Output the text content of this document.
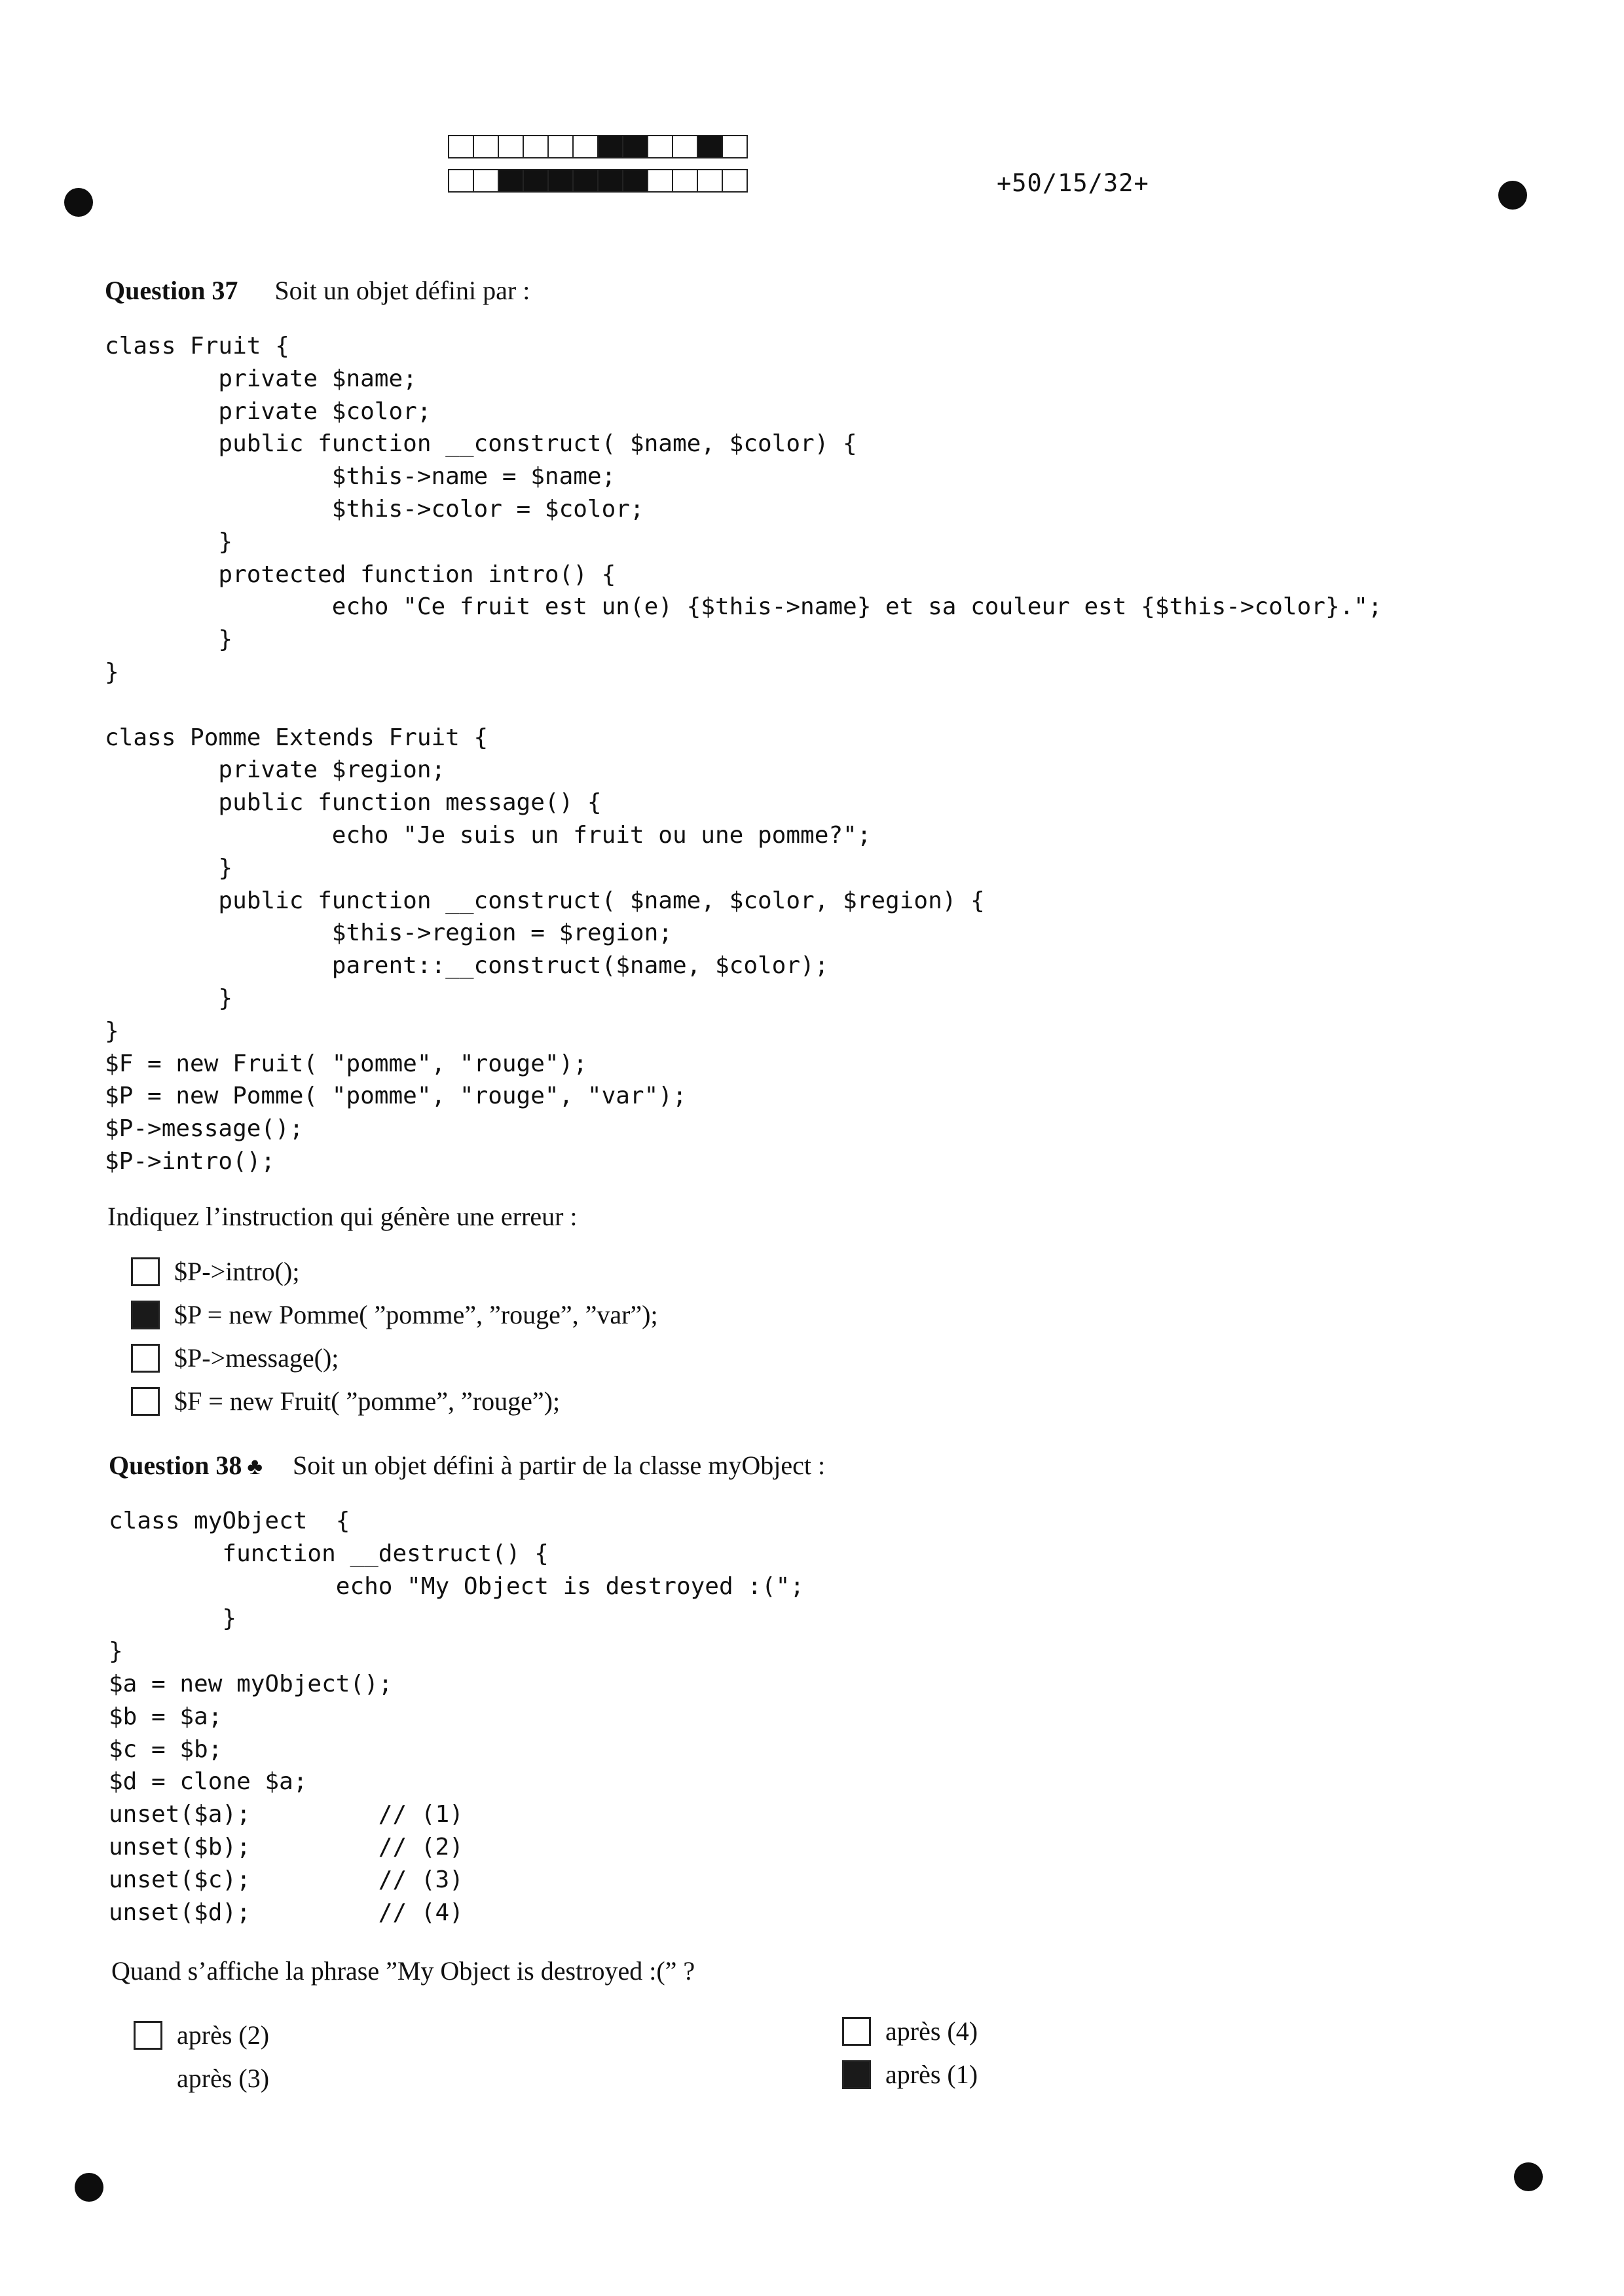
+50/15/32+
Question 37 Soit un objet défini par :
class Fruit {
	private $name;
	private $color;
	public function __construct( $name, $color) {
		$this->name = $name;
		$this->color = $color;
	}
	protected function intro() {
		echo "Ce fruit est un(e) {$this->name} et sa couleur est {$this->color}.";
	}
}

class Pomme Extends Fruit {
	private $region;
	public function message() {
		echo "Je suis un fruit ou une pomme?";
	}
	public function __construct( $name, $color, $region) {
		$this->region = $region;
		parent::__construct($name, $color);
	}
}
$F = new Fruit( "pomme", "rouge");
$P = new Pomme( "pomme", "rouge", "var");
$P->message();
$P->intro();
Indiquez l’instruction qui génère une erreur :
$P->intro();
$P = new Pomme( ”pomme”, ”rouge”, ”var”);
$P->message();
$F = new Fruit( ”pomme”, ”rouge”);
Question 38 ♣ Soit un objet défini à partir de la classe myObject :
class myObject  {
	function __destruct() {
		echo "My Object is destroyed :(";
	}
}
$a = new myObject();
$b = $a;
$c = $b;
$d = clone $a;
unset($a);         // (1)
unset($b);         // (2)
unset($c);         // (3)
unset($d);         // (4)
Quand s’affiche la phrase ”My Object is destroyed :(” ?
après (2)
après (3)
après (4)
après (1)
